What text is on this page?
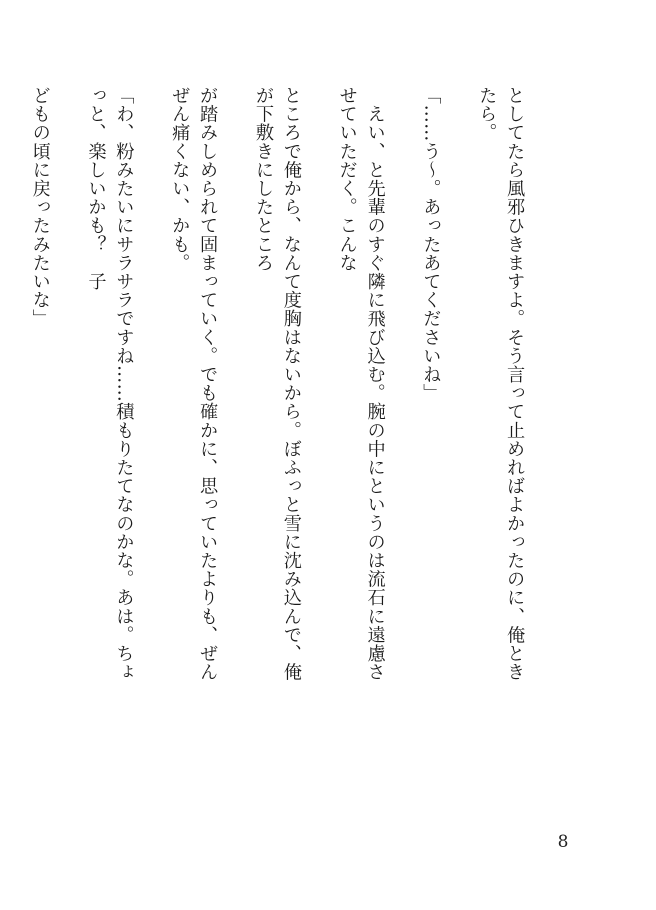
としてたら風邪ひきますよ。そう言って止めればよかったのに、俺ときたら。

「……う～。あったあてくださいね」

　えい、と先輩のすぐ隣に飛び込む。腕の中にというのは流石に遠慮させていただく。こんな

ところで俺から、なんて度胸はないから。ぼふっと雪に沈み込んで、俺が下敷きにしたところ

が踏みしめられて固まっていく。でも確かに、思っていたよりも、ぜんぜん痛くない、かも。

「わ、粉みたいにサラサラですね……積もりたてなのかな。あは。ちょっと、楽しいかも？　子

どもの頃に戻ったみたいな」

8
